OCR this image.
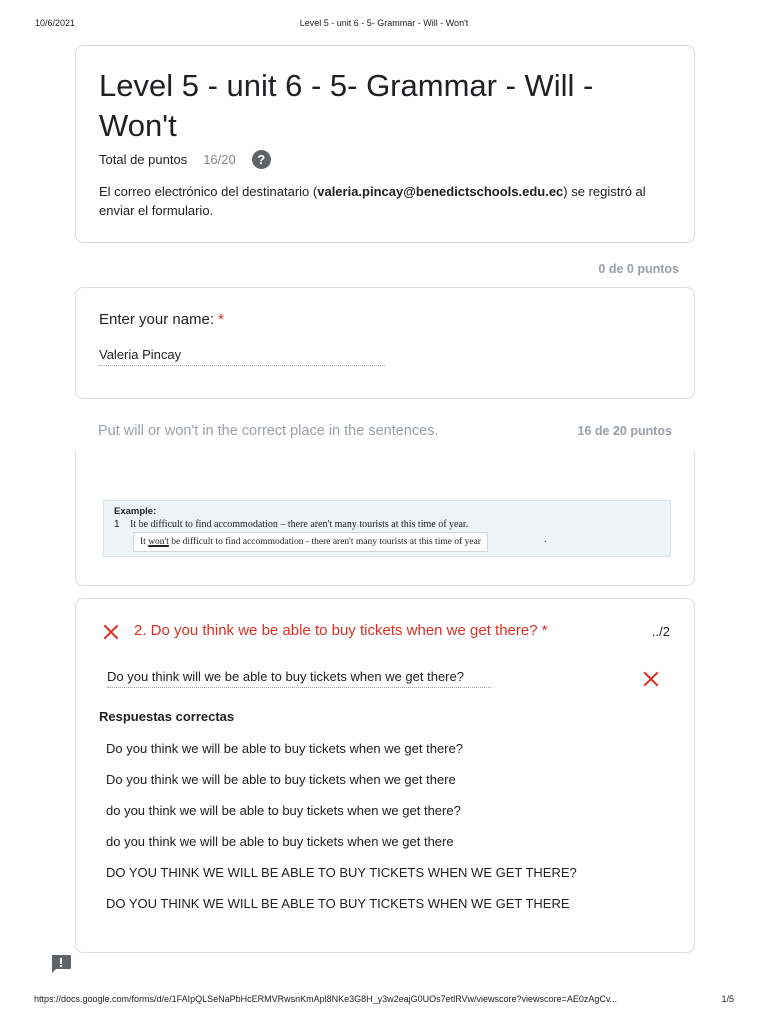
10/6/2021	Level 5 - unit 6 - 5- Grammar - Will - Won't
Level 5 - unit 6 - 5- Grammar - Will - Won't
Total de puntos 16/20	?
El correo electrónico del destinatario (valeria.pincay@benedictschools.edu.ec) se registró al enviar el formulario.
0 de 0 puntos
Enter your name: *
Valeria Pincay
Put will or won't in the correct place in the sentences.	16 de 20 puntos
Example:
1 It be difficult to find accommodation – there aren't many tourists at this time of year.
It won't be difficult to find accommodation - there aren't many tourists at this time of year	.
2. Do you think we be able to buy tickets when we get there? *	../2
Do you think will we be able to buy tickets when we get there?
Respuestas correctas
Do you think we will be able to buy tickets when we get there?
Do you think we will be able to buy tickets when we get there
do you think we will be able to buy tickets when we get there?
do you think we will be able to buy tickets when we get there
DO YOU THINK WE WILL BE ABLE TO BUY TICKETS WHEN WE GET THERE?
DO YOU THINK WE WILL BE ABLE TO BUY TICKETS WHEN WE GET THERE
https://docs.google.com/forms/d/e/1FAIpQLSeNaPbHcERMVRwsnKmApl8NKe3G8H_y3w2eajG0UOs7etlRVw/viewscore?viewscore=AE0zAgCv...	1/5
